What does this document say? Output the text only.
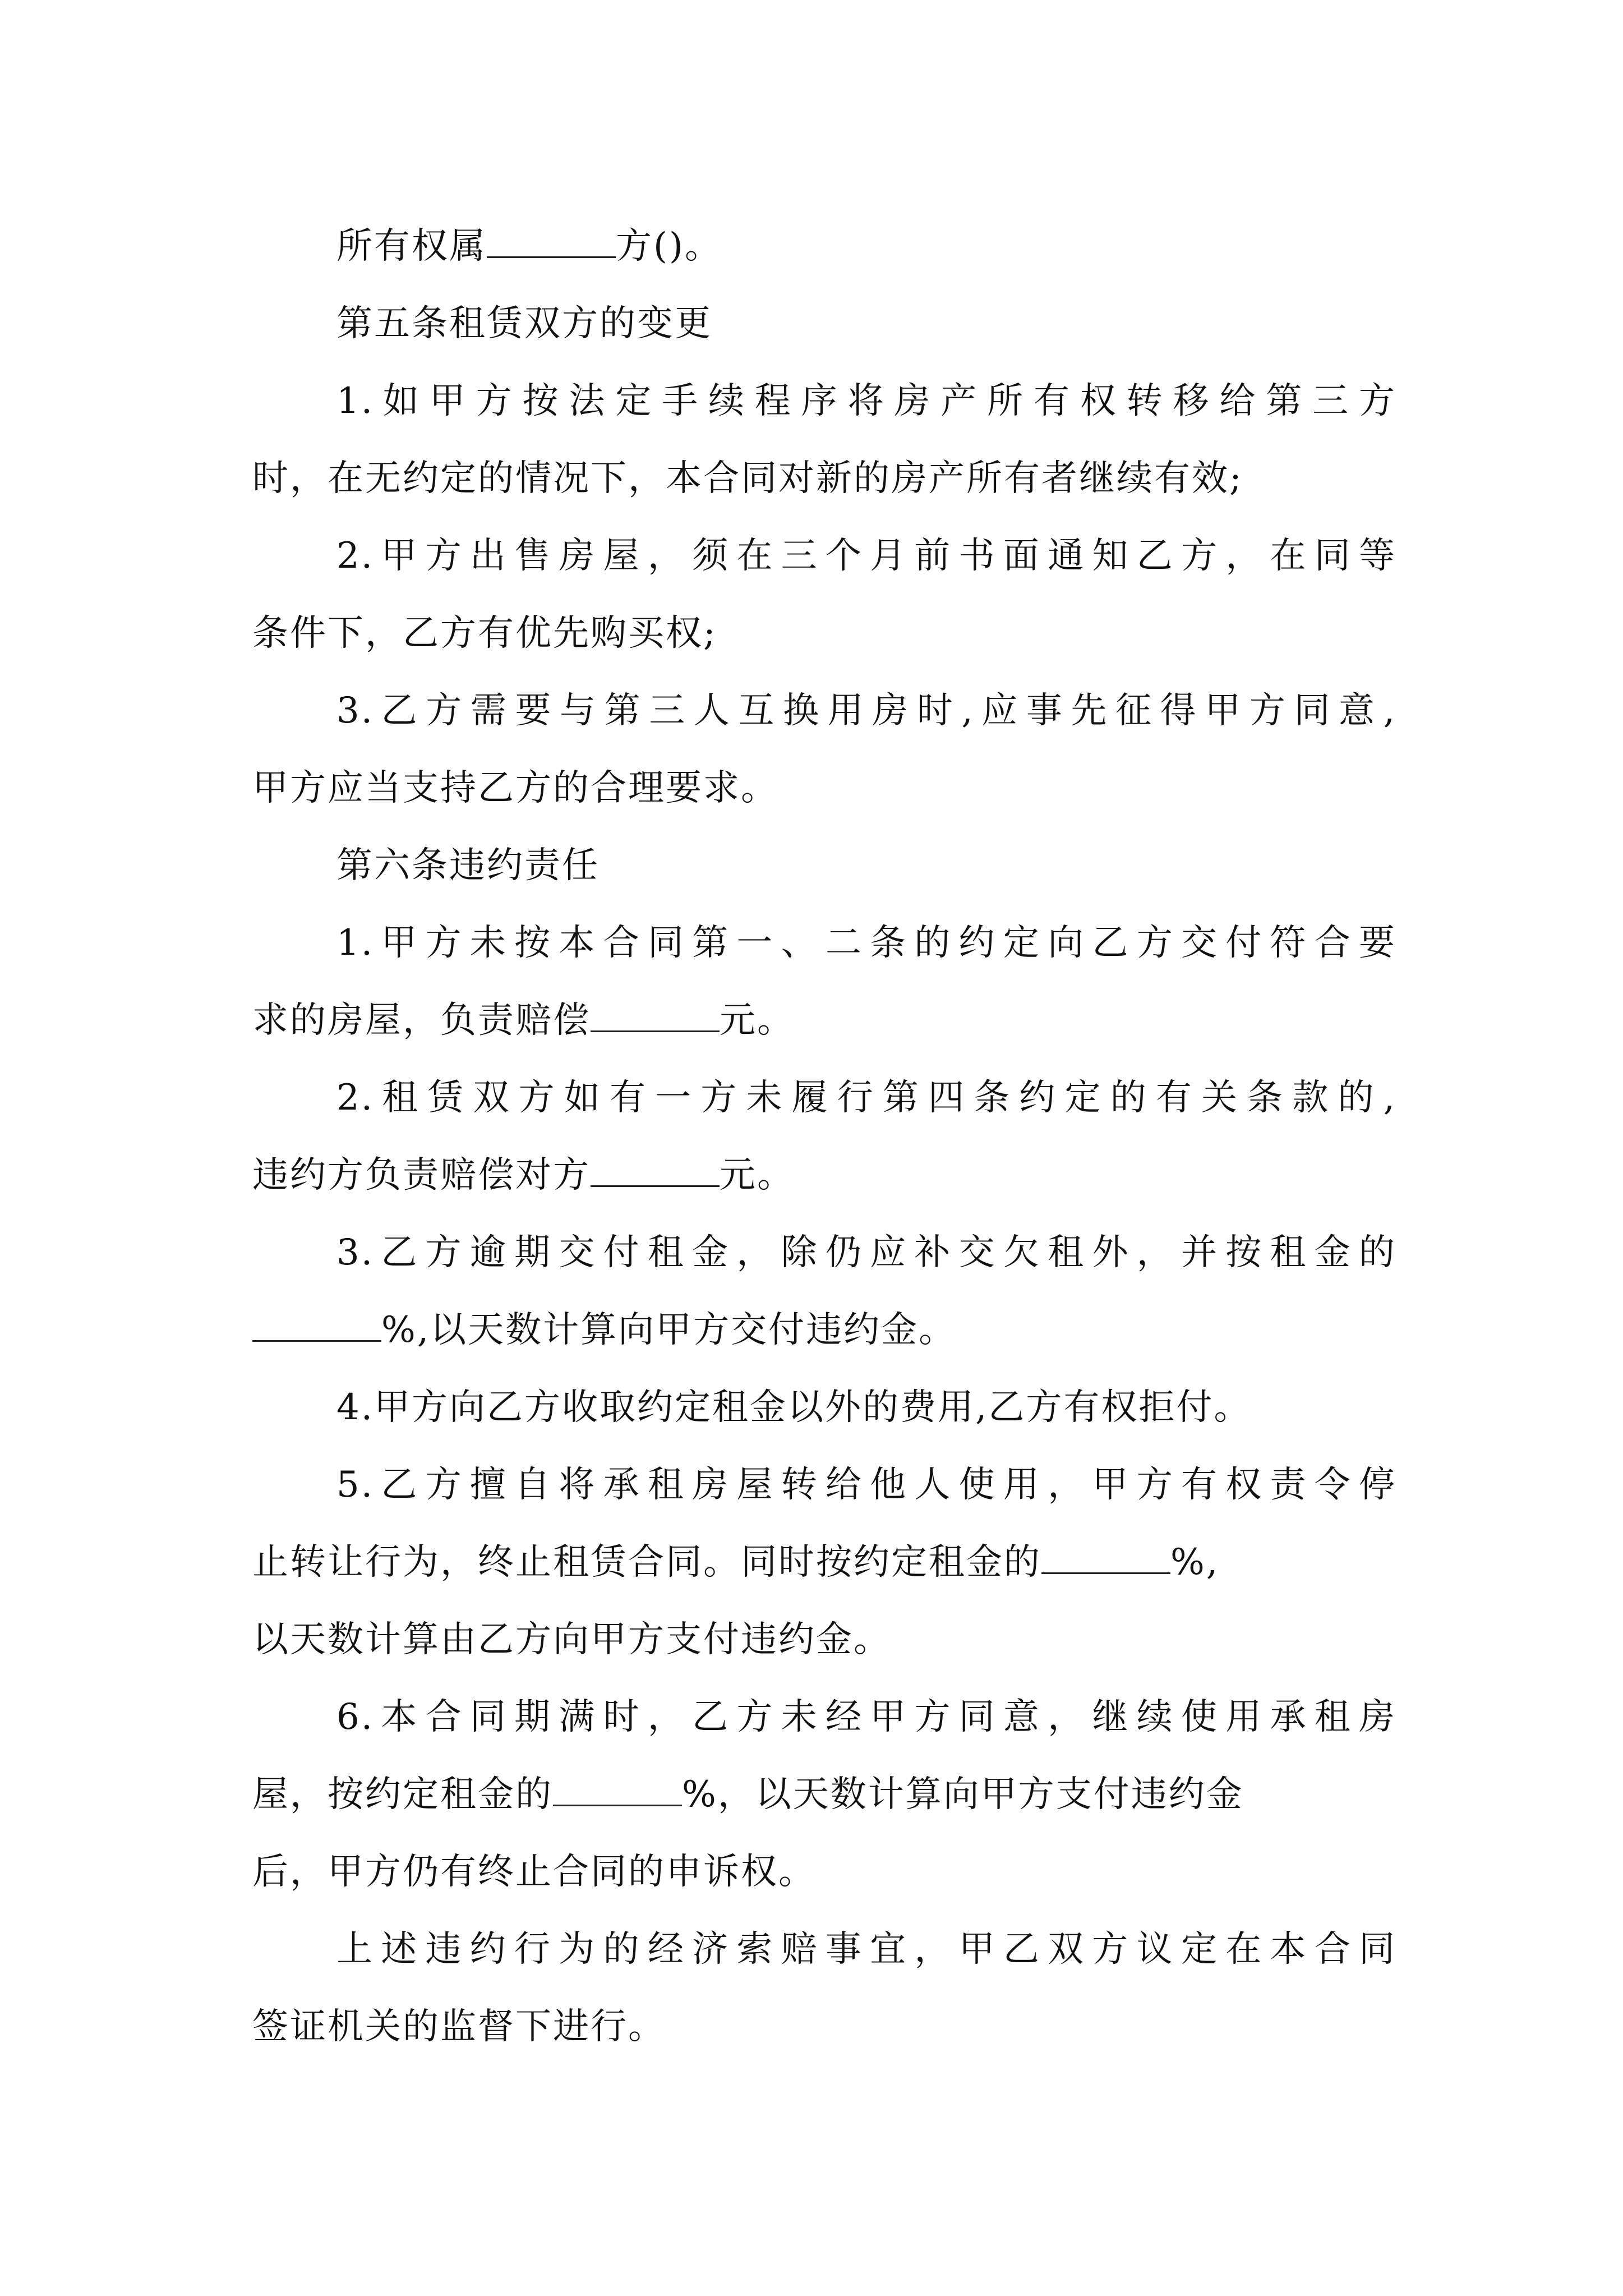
所有权属	方()。
第五条租赁双方的变更
1.如甲方按法定手续程序将房产所有权转移给第三方
时，在无约定的情况下，本合同对新的房产所有者继续有效;
2.甲方出售房屋，须在三个月前书面通知乙方，在同等
条件下，乙方有优先购买权;
3.乙方需要与第三人互换用房时,应事先征得甲方同意,
甲方应当支持乙方的合理要求。
第六条违约责任
1.甲方未按本合同第一、二条的约定向乙方交付符合要
求的房屋，负责赔偿	元。
2.租赁双方如有一方未履行第四条约定的有关条款的,
违约方负责赔偿对方	元。
3.乙方逾期交付租金，除仍应补交欠租外，并按租金的
%,以天数计算向甲方交付违约金。
4.甲方向乙方收取约定租金以外的费用,乙方有权拒付。
5.乙方擅自将承租房屋转给他人使用，甲方有权责令停
止转让行为，终止租赁合同。同时按约定租金的	%,
以天数计算由乙方向甲方支付违约金。
6.本合同期满时，乙方未经甲方同意，继续使用承租房
屋，按约定租金的	%，以天数计算向甲方支付违约金
后，甲方仍有终止合同的申诉权。
上述违约行为的经济索赔事宜，甲乙双方议定在本合同
签证机关的监督下进行。
